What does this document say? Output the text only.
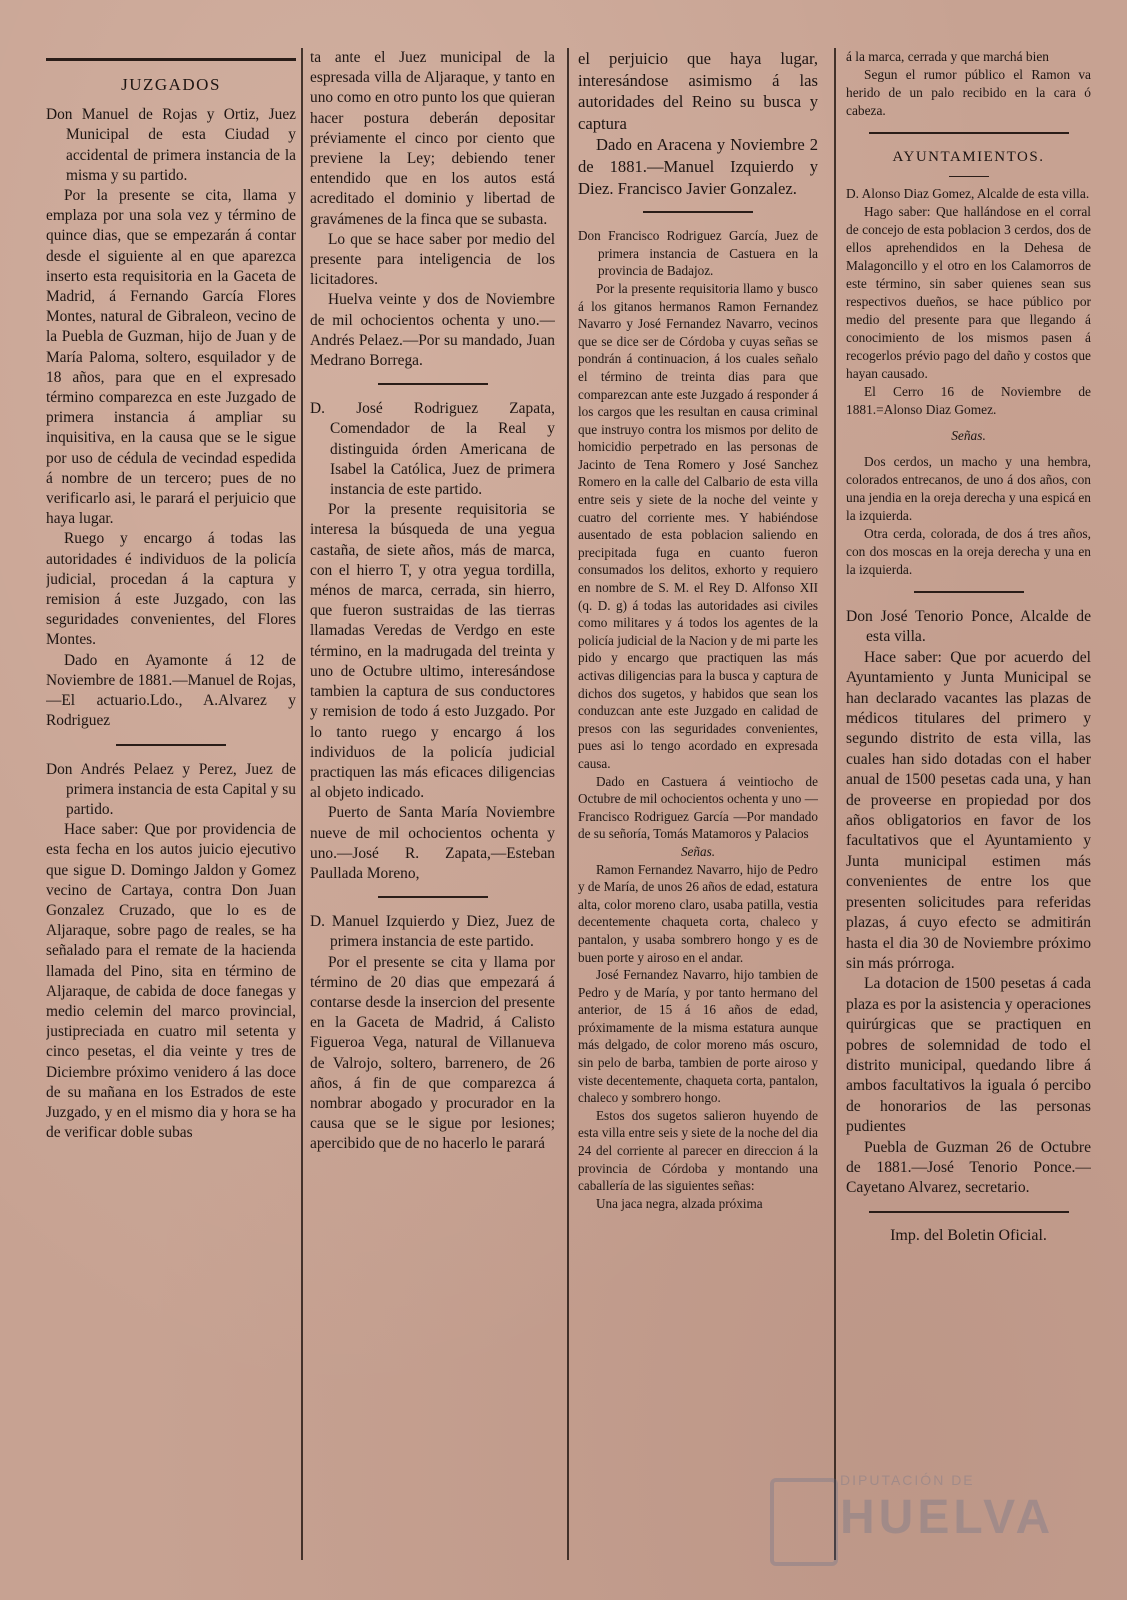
JUZGADOS

Don Manuel de Rojas y Ortiz, Juez Municipal de esta Ciudad y accidental de primera instancia de la misma y su partido.

Por la presente se cita, llama y emplaza por una sola vez y término de quince dias, que se empezarán á contar desde el siguiente al en que aparezca inserto esta requisitoria en la Gaceta de Madrid, á Fernando García Flores Montes, natural de Gibraleon, vecino de la Puebla de Guzman, hijo de Juan y de María Paloma, soltero, esquilador y de 18 años, para que en el expresado término comparezca en este Juzgado de primera instancia á ampliar su inquisitiva, en la causa que se le sigue por uso de cédula de vecindad espedida á nombre de un tercero; pues de no verificarlo asi, le parará el perjuicio que haya lugar.

Ruego y encargo á todas las autoridades é individuos de la policía judicial, procedan á la captura y remision á este Juzgado, con las seguridades convenientes, del Flores Montes.

Dado en Ayamonte á 12 de Noviembre de 1881.—Manuel de Rojas,—El actuario.Ldo., A.Alvarez y Rodriguez

Don Andrés Pelaez y Perez, Juez de primera instancia de esta Capital y su partido.

Hace saber: Que por providencia de esta fecha en los autos juicio ejecutivo que sigue D. Domingo Jaldon y Gomez vecino de Cartaya, contra Don Juan Gonzalez Cruzado, que lo es de Aljaraque, sobre pago de reales, se ha señalado para el remate de la hacienda llamada del Pino, sita en término de Aljaraque, de cabida de doce fanegas y medio celemin del marco provincial, justipreciada en cuatro mil setenta y cinco pesetas, el dia veinte y tres de Diciembre próximo venidero á las doce de su mañana en los Estrados de este Juzgado, y en el mismo dia y hora se ha de verificar doble subas

ta ante el Juez municipal de la espresada villa de Aljaraque, y tanto en uno como en otro punto los que quieran hacer postura deberán depositar préviamente el cinco por ciento que previene la Ley; debiendo tener entendido que en los autos está acreditado el dominio y libertad de gravámenes de la finca que se subasta.

Lo que se hace saber por medio del presente para inteligencia de los licitadores.

Huelva veinte y dos de Noviembre de mil ochocientos ochenta y uno.—Andrés Pelaez.—Por su mandado, Juan Medrano Borrega.

D. José Rodriguez Zapata, Comendador de la Real y distinguida órden Americana de Isabel la Católica, Juez de primera instancia de este partido.

Por la presente requisitoria se interesa la búsqueda de una yegua castaña, de siete años, más de marca, con el hierro T, y otra yegua tordilla, ménos de marca, cerrada, sin hierro, que fueron sustraidas de las tierras llamadas Veredas de Verdgo en este término, en la madrugada del treinta y uno de Octubre ultimo, interesándose tambien la captura de sus conductores y remision de todo á esto Juzgado. Por lo tanto ruego y encargo á los individuos de la policía judicial practiquen las más eficaces diligencias al objeto indicado.

Puerto de Santa María Noviembre nueve de mil ochocientos ochenta y uno.—José R. Zapata,—Esteban Paullada Moreno,

D. Manuel Izquierdo y Diez, Juez de primera instancia de este partido.

Por el presente se cita y llama por término de 20 dias que empezará á contarse desde la insercion del presente en la Gaceta de Madrid, á Calisto Figueroa Vega, natural de Villanueva de Valrojo, soltero, barrenero, de 26 años, á fin de que comparezca á nombrar abogado y procurador en la causa que se le sigue por lesiones; apercibido que de no hacerlo le parará

el perjuicio que haya lugar, interesándose asimismo á las autoridades del Reino su busca y captura

Dado en Aracena y Noviembre 2 de 1881.—Manuel Izquierdo y Diez. Francisco Javier Gonzalez.

Don Francisco Rodriguez García, Juez de primera instancia de Castuera en la provincia de Badajoz.

Por la presente requisitoria llamo y busco á los gitanos hermanos Ramon Fernandez Navarro y José Fernandez Navarro, vecinos que se dice ser de Córdoba y cuyas señas se pondrán á continuacion, á los cuales señalo el término de treinta dias para que comparezcan ante este Juzgado á responder á los cargos que les resultan en causa criminal que instruyo contra los mismos por delito de homicidio perpetrado en las personas de Jacinto de Tena Romero y José Sanchez Romero en la calle del Calbario de esta villa entre seis y siete de la noche del veinte y cuatro del corriente mes. Y habiéndose ausentado de esta poblacion saliendo en precipitada fuga en cuanto fueron consumados los delitos, exhorto y requiero en nombre de S. M. el Rey D. Alfonso XII (q. D. g) á todas las autoridades asi civiles como militares y á todos los agentes de la policía judicial de la Nacion y de mi parte les pido y encargo que practiquen las más activas diligencias para la busca y captura de dichos dos sugetos, y habidos que sean los conduzcan ante este Juzgado en calidad de presos con las seguridades convenientes, pues asi lo tengo acordado en expresada causa.

Dado en Castuera á veintiocho de Octubre de mil ochocientos ochenta y uno —Francisco Rodriguez García —Por mandado de su señoría, Tomás Matamoros y Palacios

Señas.

Ramon Fernandez Navarro, hijo de Pedro y de María, de unos 26 años de edad, estatura alta, color moreno claro, usaba patilla, vestia decentemente chaqueta corta, chaleco y pantalon, y usaba sombrero hongo y es de buen porte y airoso en el andar.

José Fernandez Navarro, hijo tambien de Pedro y de María, y por tanto hermano del anterior, de 15 á 16 años de edad, próximamente de la misma estatura aunque más delgado, de color moreno más oscuro, sin pelo de barba, tambien de porte airoso y viste decentemente, chaqueta corta, pantalon, chaleco y sombrero hongo.

Estos dos sugetos salieron huyendo de esta villa entre seis y siete de la noche del dia 24 del corriente al parecer en direccion á la provincia de Córdoba y montando una caballería de las siguientes señas:

Una jaca negra, alzada próxima

á la marca, cerrada y que marchá bien

Segun el rumor público el Ramon va herido de un palo recibido en la cara ó cabeza.

AYUNTAMIENTOS.

D. Alonso Diaz Gomez, Alcalde de esta villa.

Hago saber: Que hallándose en el corral de concejo de esta poblacion 3 cerdos, dos de ellos aprehendidos en la Dehesa de Malagoncillo y el otro en los Calamorros de este término, sin saber quienes sean sus respectivos dueños, se hace público por medio del presente para que llegando á conocimiento de los mismos pasen á recogerlos prévio pago del daño y costos que hayan causado.

El Cerro 16 de Noviembre de 1881.=Alonso Diaz Gomez.

Señas.

Dos cerdos, un macho y una hembra, colorados entrecanos, de uno á dos años, con una jendia en la oreja derecha y una espicá en la izquierda.

Otra cerda, colorada, de dos á tres años, con dos moscas en la oreja derecha y una en la izquierda.

Don José Tenorio Ponce, Alcalde de esta villa.

Hace saber: Que por acuerdo del Ayuntamiento y Junta Municipal se han declarado vacantes las plazas de médicos titulares del primero y segundo distrito de esta villa, las cuales han sido dotadas con el haber anual de 1500 pesetas cada una, y han de proveerse en propiedad por dos años obligatorios en favor de los facultativos que el Ayuntamiento y Junta municipal estimen más convenientes de entre los que presenten solicitudes para referidas plazas, á cuyo efecto se admitirán hasta el dia 30 de Noviembre próximo sin más prórroga.

La dotacion de 1500 pesetas á cada plaza es por la asistencia y operaciones quirúrgicas que se practiquen en pobres de solemnidad de todo el distrito municipal, quedando libre á ambos facultativos la iguala ó percibo de honorarios de las personas pudientes

Puebla de Guzman 26 de Octubre de 1881.—José Tenorio Ponce.—Cayetano Alvarez, secretario.

Imp. del Boletin Oficial.

DIPUTACIÓN DE
HUELVA
